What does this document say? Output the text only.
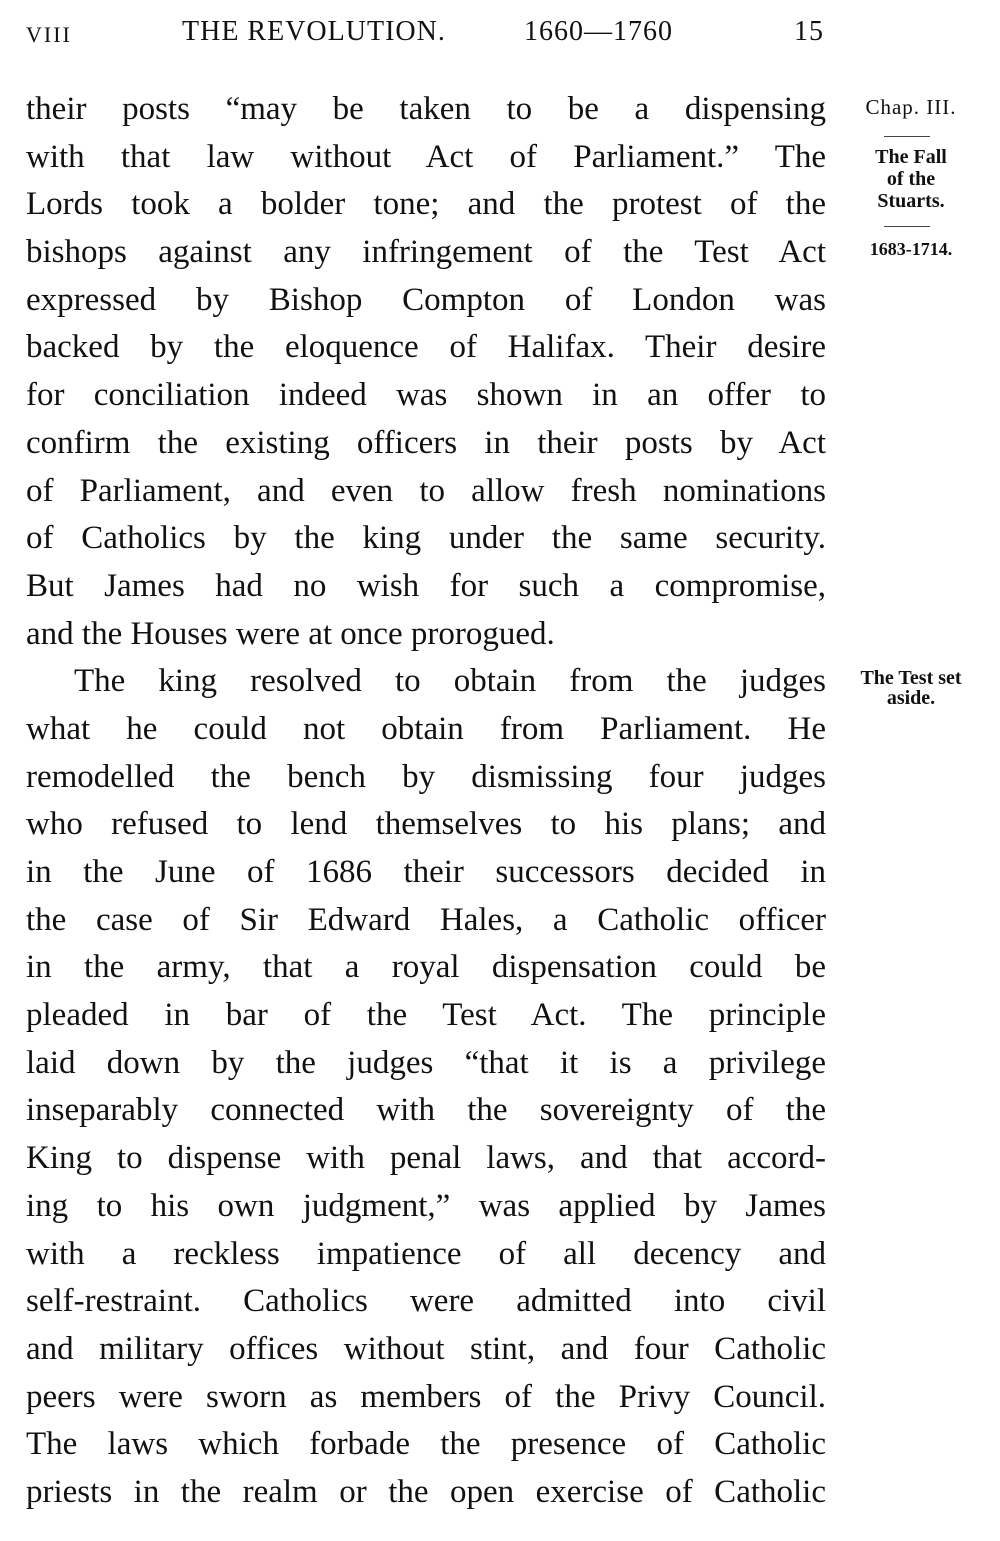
VIII	THE REVOLUTION.	1660—1760	15
their posts “may be taken to be a dispensing
with that law without Act of Parliament.” The
Lords took a bolder tone; and the protest of the
bishops against any infringement of the Test Act
expressed by Bishop Compton of London was
backed by the eloquence of Halifax. Their desire
for conciliation indeed was shown in an offer to
confirm the existing officers in their posts by Act
of Parliament, and even to allow fresh nominations
of Catholics by the king under the same security.
But James had no wish for such a compromise,
and the Houses were at once prorogued.
The king resolved to obtain from the judges
what he could not obtain from Parliament. He
remodelled the bench by dismissing four judges
who refused to lend themselves to his plans; and
in the June of 1686 their successors decided in
the case of Sir Edward Hales, a Catholic officer
in the army, that a royal dispensation could be
pleaded in bar of the Test Act. The principle
laid down by the judges “that it is a privilege
inseparably connected with the sovereignty of the
King to dispense with penal laws, and that accord-
ing to his own judgment,” was applied by James
with a reckless impatience of all decency and
self-restraint. Catholics were admitted into civil
and military offices without stint, and four Catholic
peers were sworn as members of the Privy Council.
The laws which forbade the presence of Catholic
priests in the realm or the open exercise of Catholic
Chap. III.
The Fall
of the
Stuarts.
1683-1714.
The Test set
aside.
